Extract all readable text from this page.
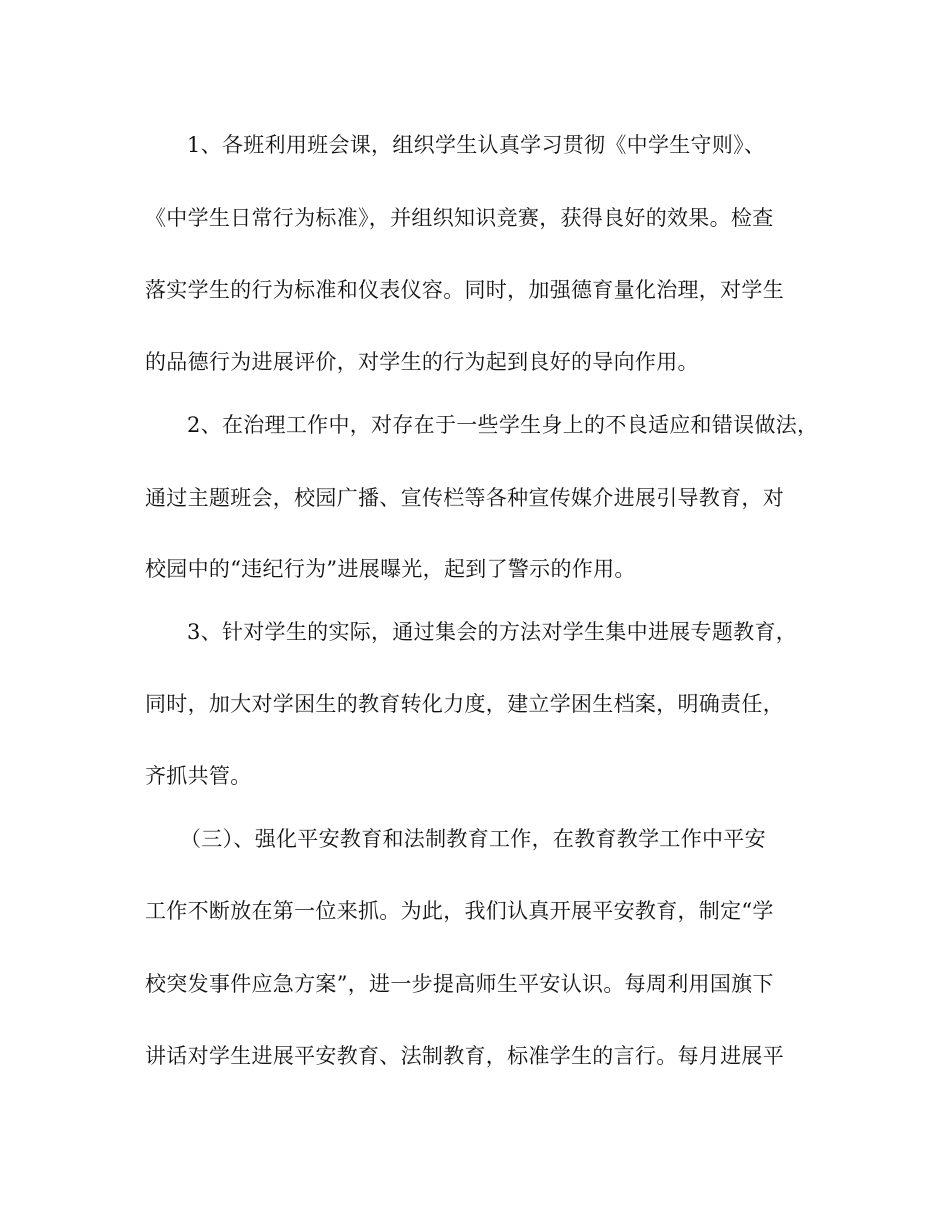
1、各班利用班会课，组织学生认真学习贯彻《中学生守则》、
《中学生日常行为标准》，并组织知识竞赛，获得良好的效果。检查
落实学生的行为标准和仪表仪容。同时，加强德育量化治理，对学生
的品德行为进展评价，对学生的行为起到良好的导向作用。
2、在治理工作中，对存在于一些学生身上的不良适应和错误做法，
通过主题班会，校园广播、宣传栏等各种宣传媒介进展引导教育，对
校园中的“违纪行为”进展曝光，起到了警示的作用。
3、针对学生的实际，通过集会的方法对学生集中进展专题教育，
同时，加大对学困生的教育转化力度，建立学困生档案，明确责任，
齐抓共管。
（三）、强化平安教育和法制教育工作，在教育教学工作中平安
工作不断放在第一位来抓。为此，我们认真开展平安教育，制定“学
校突发事件应急方案”，进一步提高师生平安认识。每周利用国旗下
讲话对学生进展平安教育、法制教育，标准学生的言行。每月进展平
